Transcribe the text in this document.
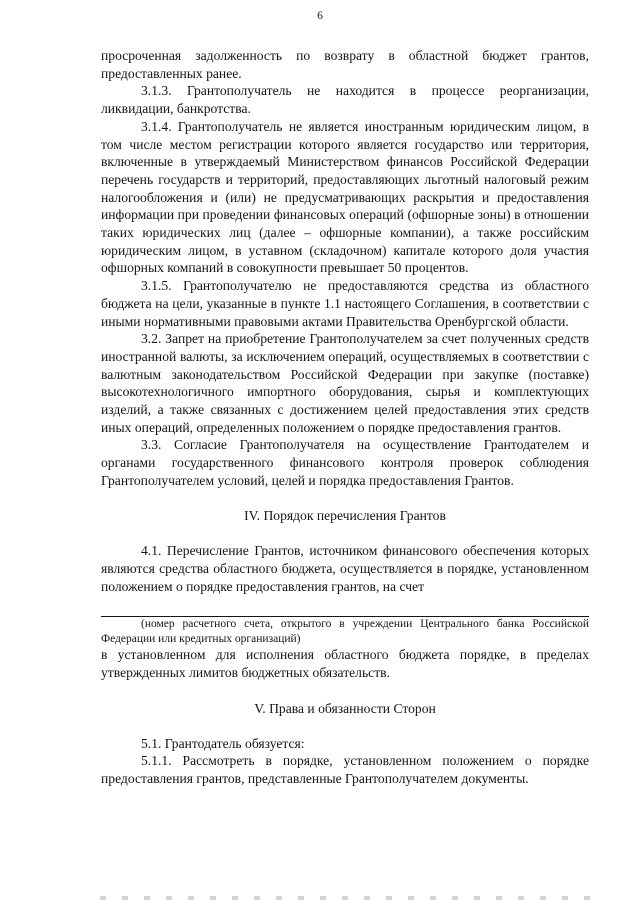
6

просроченная задолженность по возврату в областной бюджет грантов, предоставленных ранее.

3.1.3. Грантополучатель не находится в процессе реорганизации, ликвидации, банкротства.

3.1.4. Грантополучатель не является иностранным юридическим лицом, в том числе местом регистрации которого является государство или территория, включенные в утверждаемый Министерством финансов Российской Федерации перечень государств и территорий, предоставляющих льготный налоговый режим налогообложения и (или) не предусматривающих раскрытия и предоставления информации при проведении финансовых операций (офшорные зоны) в отношении таких юридических лиц (далее – офшорные компании), а также российским юридическим лицом, в уставном (складочном) капитале которого доля участия офшорных компаний в совокупности превышает 50 процентов.

3.1.5. Грантополучателю не предоставляются средства из областного бюджета на цели, указанные в пункте 1.1 настоящего Соглашения, в соответствии с иными нормативными правовыми актами Правительства Оренбургской области.

3.2. Запрет на приобретение Грантополучателем за счет полученных средств иностранной валюты, за исключением операций, осуществляемых в соответствии с валютным законодательством Российской Федерации при закупке (поставке) высокотехнологичного импортного оборудования, сырья и комплектующих изделий, а также связанных с достижением целей предоставления этих средств иных операций, определенных положением о порядке предоставления грантов.

3.3. Согласие Грантополучателя на осуществление Грантодателем и органами государственного финансового контроля проверок соблюдения Грантополучателем условий, целей и порядка предоставления Грантов.

IV. Порядок перечисления Грантов

4.1. Перечисление Грантов, источником финансового обеспечения которых являются средства областного бюджета, осуществляется в порядке, установленном положением о порядке предоставления грантов, на счет

(номер расчетного счета, открытого в учреждении Центрального банка Российской Федерации или кредитных организаций)

в установленном для исполнения областного бюджета порядке, в пределах утвержденных лимитов бюджетных обязательств.

V. Права и обязанности Сторон

5.1. Грантодатель обязуется:

5.1.1. Рассмотреть в порядке, установленном положением о порядке предоставления грантов, представленные Грантополучателем документы.
